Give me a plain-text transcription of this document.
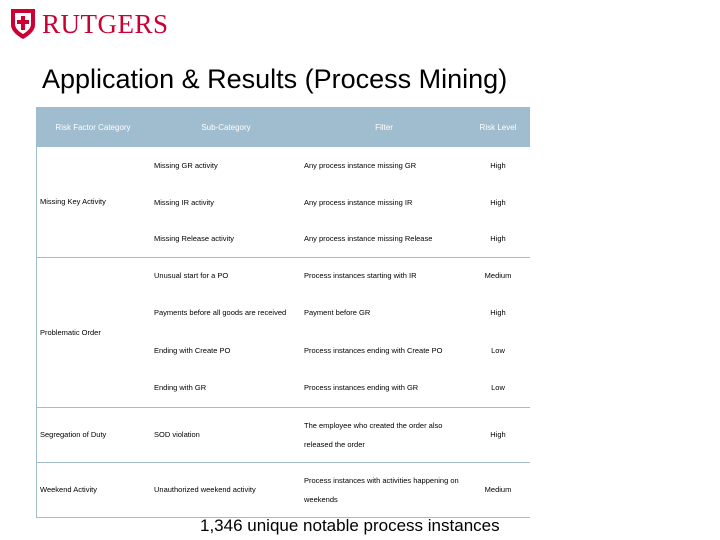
RUTGERS
Application & Results (Process Mining)
Risk Factor Category	Sub-Category	Filter	Risk Level
Missing Key Activity	Missing GR activity	Any process instance missing GR	High
	Missing IR activity	Any process instance missing IR	High
	Missing Release activity	Any process instance missing Release	High
Problematic Order	Unusual start for a PO	Process instances starting with IR	Medium
	Payments before all goods are received	Payment before GR	High
	Ending with Create PO	Process instances ending with Create PO	Low
	Ending with GR	Process instances ending with GR	Low
Segregation of Duty	SOD violation	The employee who created the order also released the order	High
Weekend Activity	Unauthorized weekend activity	Process instances with activities happening on weekends	Medium
1,346 unique notable process instances
